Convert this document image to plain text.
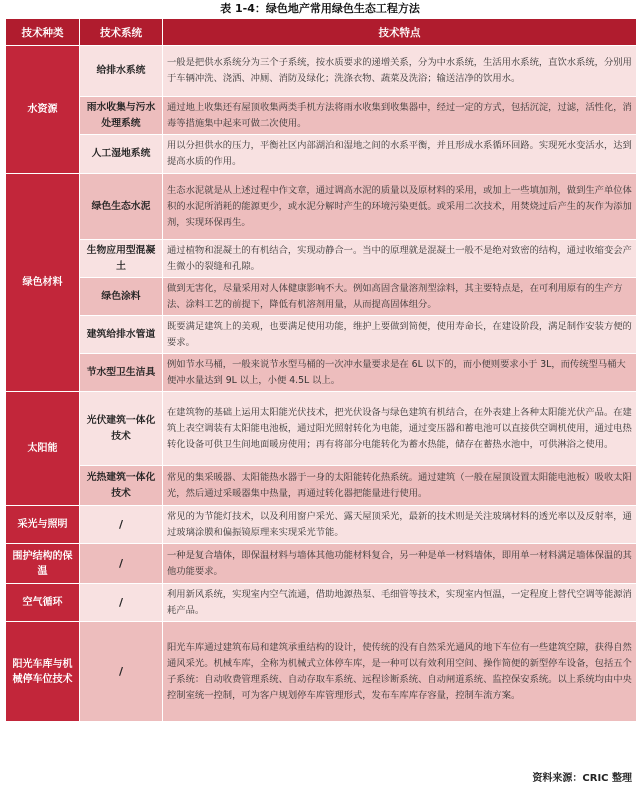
表 1-4：绿色地产常用绿色生态工程方法
技术种类	技术系统	技术特点
水资源	给排水系统	一般是把供水系统分为三个子系统，按水质要求的递增关系，分为中水系统，生活用水系统，直饮水系统，分别用于车辆冲洗、浇洒、冲厕、消防及绿化；洗涤衣物、蔬菜及洗浴；输送洁净的饮用水。
	雨水收集与污水处理系统	通过地上收集还有屋顶收集两类手机方法将雨水收集到收集器中，经过一定的方式，包括沉淀，过滤，活性化，消毒等措施集中起来可做二次使用。
	人工湿地系统	用以分担供水的压力，平衡社区内部湖泊和湿地之间的水系平衡，并且形成水系循环回路。实现死水变活水，达到提高水质的作用。
绿色材料	绿色生态水泥	生态水泥就是从上述过程中作文章，通过调高水泥的质量以及原材料的采用，或加上一些填加剂，做到生产单位体积的水泥所消耗的能源更少，或水泥分解时产生的环境污染更低。或采用二次技术，用焚烧过后产生的灰作为添加剂，实现环保再生。
	生物应用型混凝土	通过植物和混凝土的有机结合，实现动静合一。当中的原理就是混凝土一般不是绝对致密的结构，通过收缩变会产生微小的裂缝和孔隙。
	绿色涂料	做到无害化，尽量采用对人体健康影响不大。例如高固含量溶剂型涂料，其主要特点是，在可利用原有的生产方法、涂料工艺的前提下，降低有机溶剂用量，从而提高固体组分。
	建筑给排水管道	既要满足建筑上的美观，也要满足使用功能，维护上要做到简便，使用寿命长，在建设阶段，满足制作安装方便的要求。
	节水型卫生洁具	例如节水马桶，一般来说节水型马桶的一次冲水量要求是在 6L 以下的，而小便则要求小于 3L，而传统型马桶大便冲水量达到 9L 以上，小便 4.5L 以上。
太阳能	光伏建筑一体化技术	在建筑物的基础上运用太阳能光伏技术，把光伏设备与绿色建筑有机结合，在外表建上各种太阳能光伏产品。在建筑上表空调装有太阳能电池板，通过阳光照射转化为电能，通过变压器和蓄电池可以直接供空调机使用，通过电热转化设备可供卫生间地面暖房使用；再有将部分电能转化为蓄水热能，储存在蓄热水池中，可供淋浴之使用。
	光热建筑一体化技术	常见的集采暖器、太阳能热水器于一身的太阳能转化热系统。通过建筑（一般在屋顶设置太阳能电池板）吸收太阳光，然后通过采暖器集中热量，再通过转化器把能量进行使用。
采光与照明	/	常见的为节能灯技术，以及利用窗户采光、露天屋顶采光，最新的技术则是关注玻璃材料的透光率以及反射率，通过玻璃涂膜和偏振镜原理来实现采光节能。
围护结构的保温	/	一种是复合墙体，即保温材料与墙体其他功能材料复合，另一种是单一材料墙体，即用单一材料满足墙体保温的其他功能要求。
空气循环	/	利用新风系统，实现室内空气流通，借助地源热泵、毛细管等技术，实现室内恒温，一定程度上替代空调等能源消耗产品。
阳光车库与机械停车位技术	/	阳光车库通过建筑布局和建筑承重结构的设计，使传统的没有自然采光通风的地下车位有一些建筑空隙，获得自然通风采光。机械车库，全称为机械式立体停车库，是一种可以有效利用空间、操作简便的新型停车设备，包括五个子系统：自动收费管理系统、自动存取车系统、远程诊断系统、自动闸道系统、监控保安系统。以上系统均由中央控制室统一控制，可为客户规划停车库管理形式，发布车库库存容量，控制车流方案。
资料来源：CRIC 整理
